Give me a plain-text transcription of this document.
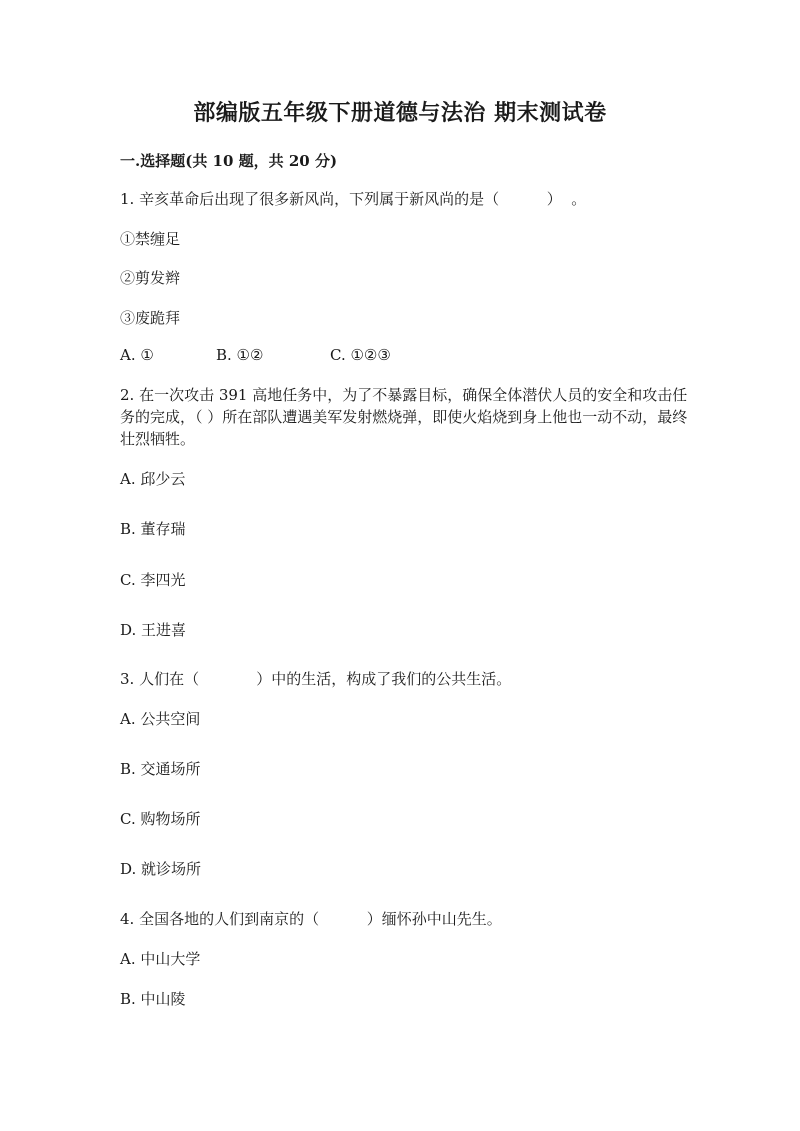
部编版五年级下册道德与法治 期末测试卷
一.选择题(共 10 题，共 20 分)
1. 辛亥革命后出现了很多新风尚，下列属于新风尚的是（          ）  。
①禁缠足
②剪发辫
③废跪拜
A. ①	B. ①②	C. ①②③
2. 在一次攻击 391 高地任务中，为了不暴露目标，确保全体潜伏人员的安全和攻击任务的完成，（ ）所在部队遭遇美军发射燃烧弹，即使火焰烧到身上他也一动不动，最终壮烈牺牲。
A. 邱少云
B. 董存瑞
C. 李四光
D. 王进喜
3. 人们在（            ）中的生活，构成了我们的公共生活。
A. 公共空间
B. 交通场所
C. 购物场所
D. 就诊场所
4. 全国各地的人们到南京的（          ）缅怀孙中山先生。
A. 中山大学
B. 中山陵
